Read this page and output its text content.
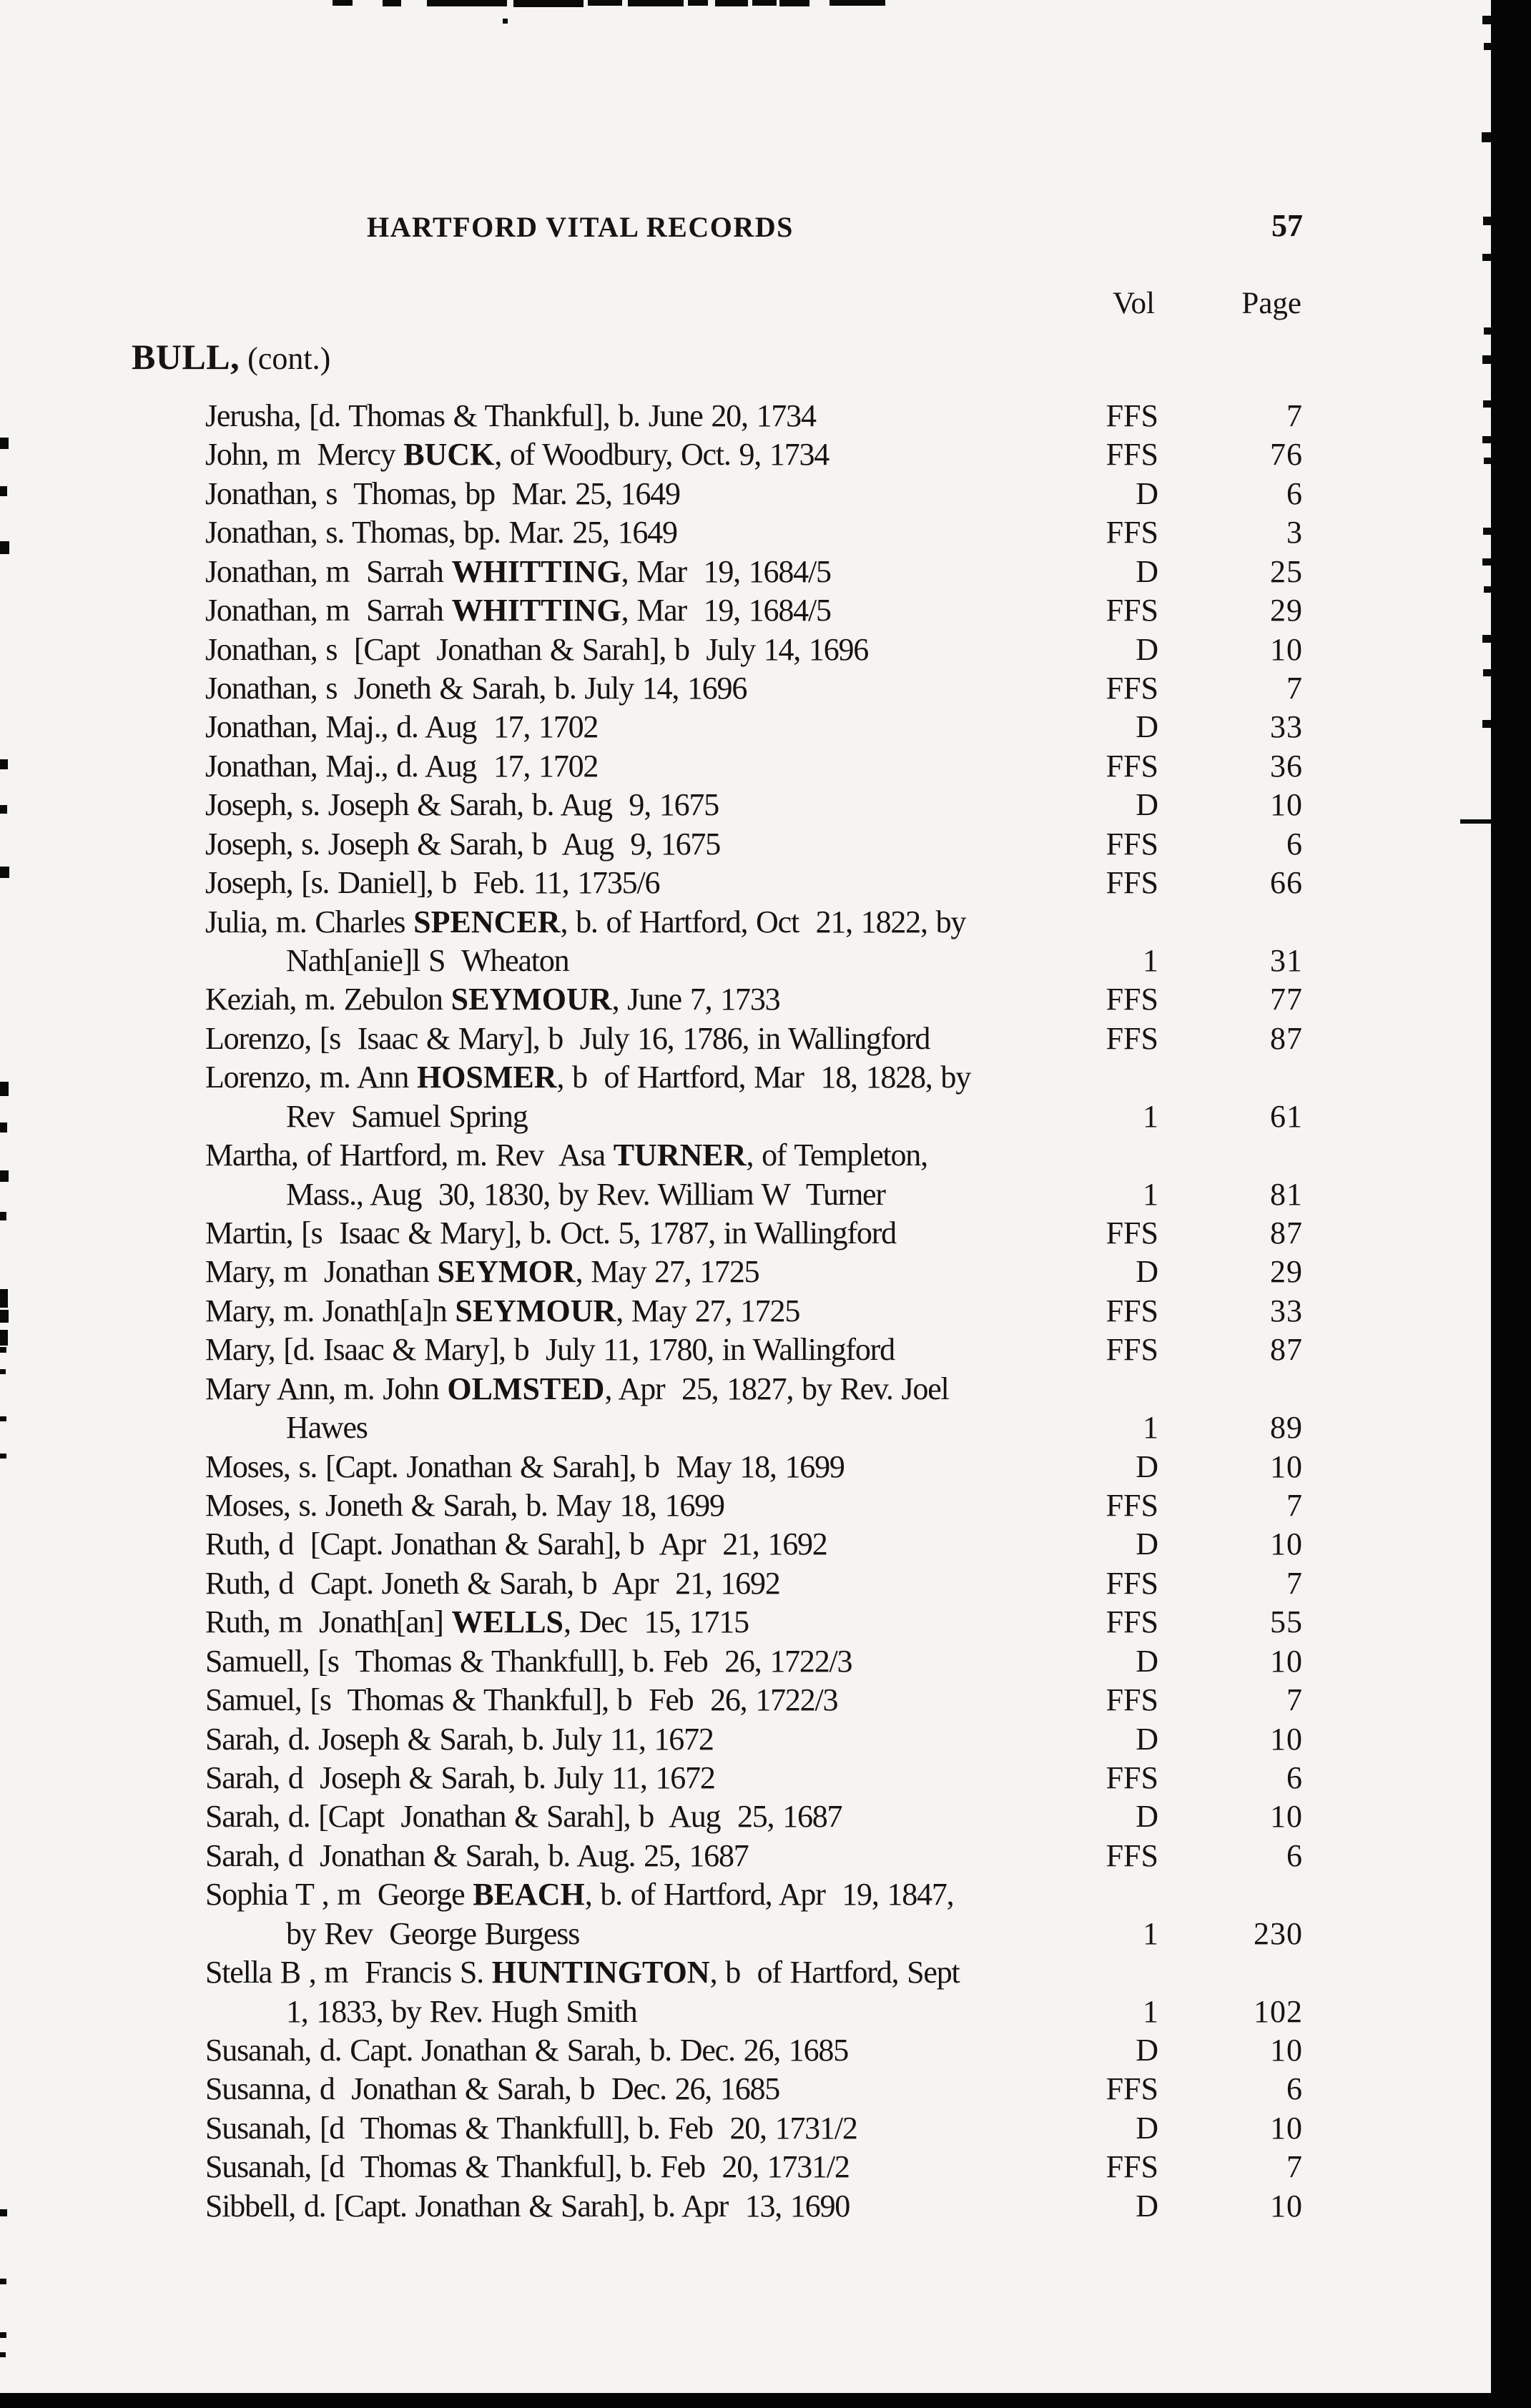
HARTFORD VITAL RECORDS	57
Vol	Page
BULL, (cont.)
Jerusha, [d. Thomas & Thankful], b. June 20, 1734	FFS	7
John, m  Mercy BUCK, of Woodbury, Oct. 9, 1734	FFS	76
Jonathan, s  Thomas, bp  Mar. 25, 1649	D	6
Jonathan, s. Thomas, bp. Mar. 25, 1649	FFS	3
Jonathan, m  Sarrah WHITTING, Mar  19, 1684/5	D	25
Jonathan, m  Sarrah WHITTING, Mar  19, 1684/5	FFS	29
Jonathan, s  [Capt  Jonathan & Sarah], b  July 14, 1696	D	10
Jonathan, s  Joneth & Sarah, b. July 14, 1696	FFS	7
Jonathan, Maj., d. Aug  17, 1702	D	33
Jonathan, Maj., d. Aug  17, 1702	FFS	36
Joseph, s. Joseph & Sarah, b. Aug  9, 1675	D	10
Joseph, s. Joseph & Sarah, b  Aug  9, 1675	FFS	6
Joseph, [s. Daniel], b  Feb. 11, 1735/6	FFS	66
Julia, m. Charles SPENCER, b. of Hartford, Oct  21, 1822, by
Nath[anie]l S  Wheaton	1	31
Keziah, m. Zebulon SEYMOUR, June 7, 1733	FFS	77
Lorenzo, [s  Isaac & Mary], b  July 16, 1786, in Wallingford	FFS	87
Lorenzo, m. Ann HOSMER, b  of Hartford, Mar  18, 1828, by
Rev  Samuel Spring	1	61
Martha, of Hartford, m. Rev  Asa TURNER, of Templeton,
Mass., Aug  30, 1830, by Rev. William W  Turner	1	81
Martin, [s  Isaac & Mary], b. Oct. 5, 1787, in Wallingford	FFS	87
Mary, m  Jonathan SEYMOR, May 27, 1725	D	29
Mary, m. Jonath[a]n SEYMOUR, May 27, 1725	FFS	33
Mary, [d. Isaac & Mary], b  July 11, 1780, in Wallingford	FFS	87
Mary Ann, m. John OLMSTED, Apr  25, 1827, by Rev. Joel
Hawes	1	89
Moses, s. [Capt. Jonathan & Sarah], b  May 18, 1699	D	10
Moses, s. Joneth & Sarah, b. May 18, 1699	FFS	7
Ruth, d  [Capt. Jonathan & Sarah], b  Apr  21, 1692	D	10
Ruth, d  Capt. Joneth & Sarah, b  Apr  21, 1692	FFS	7
Ruth, m  Jonath[an] WELLS, Dec  15, 1715	FFS	55
Samuell, [s  Thomas & Thankfull], b. Feb  26, 1722/3	D	10
Samuel, [s  Thomas & Thankful], b  Feb  26, 1722/3	FFS	7
Sarah, d. Joseph & Sarah, b. July 11, 1672	D	10
Sarah, d  Joseph & Sarah, b. July 11, 1672	FFS	6
Sarah, d. [Capt  Jonathan & Sarah], b  Aug  25, 1687	D	10
Sarah, d  Jonathan & Sarah, b. Aug. 25, 1687	FFS	6
Sophia T , m  George BEACH, b. of Hartford, Apr  19, 1847,
by Rev  George Burgess	1	230
Stella B , m  Francis S. HUNTINGTON, b  of Hartford, Sept
1, 1833, by Rev. Hugh Smith	1	102
Susanah, d. Capt. Jonathan & Sarah, b. Dec. 26, 1685	D	10
Susanna, d  Jonathan & Sarah, b  Dec. 26, 1685	FFS	6
Susanah, [d  Thomas & Thankfull], b. Feb  20, 1731/2	D	10
Susanah, [d  Thomas & Thankful], b. Feb  20, 1731/2	FFS	7
Sibbell, d. [Capt. Jonathan & Sarah], b. Apr  13, 1690	D	10
